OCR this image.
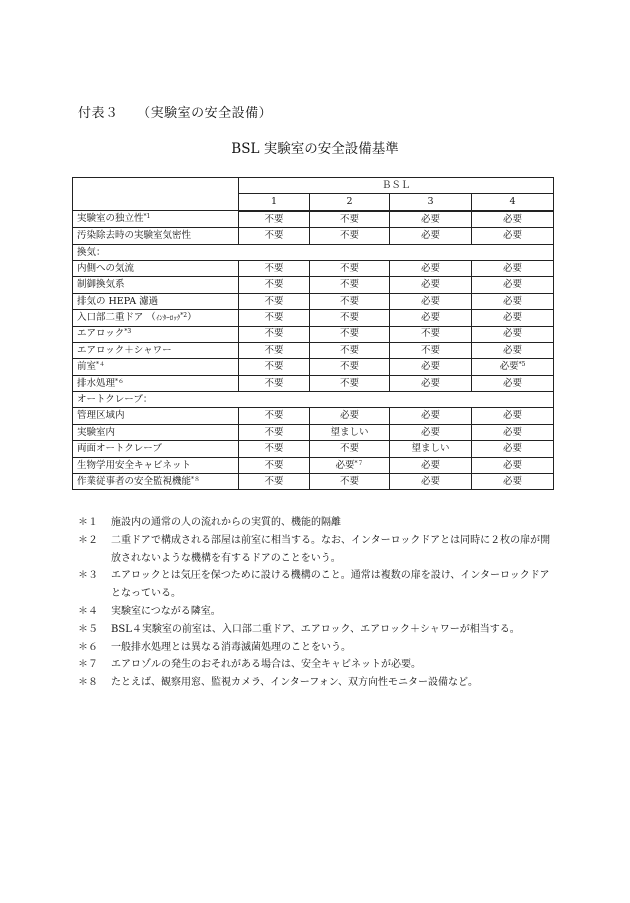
付表３ （実験室の安全設備）
BSL 実験室の安全設備基準
	ＢＳＬ			
	1	2	3	4
実験室の独立性$^{*1}$	不要	不要	必要	必要
汚染除去時の実験室気密性	不要	不要	必要	必要
換気：				
内側への気流	不要	不要	必要	必要
制御換気系	不要	不要	必要	必要
排気の HEPA 濾過	不要	不要	必要	必要
入口部二重ドア （ｲﾝﾀｰﾛｯｸ$^{*2}$）	不要	不要	必要	必要
エアロック$^{*3}$	不要	不要	不要	必要
エアロック＋シャワー	不要	不要	不要	必要
前室$^{*4}$	不要	不要	必要	必要$^{*5}$
排水処理$^{*6}$	不要	不要	必要	必要
オートクレーブ：				
管理区域内	不要	必要	必要	必要
実験室内	不要	望ましい	必要	必要
両面オートクレーブ	不要	不要	望ましい	必要
生物学用安全キャビネット	不要	必要$^{*7}$	必要	必要
作業従事者の安全監視機能$^{*8}$	不要	不要	必要	必要
＊１	施設内の通常の人の流れからの実質的、機能的隔離
＊２	二重ドアで構成される部屋は前室に相当する。なお、インターロックドアとは同時に２枚の扉が開放されないような機構を有するドアのことをいう。
＊３	エアロックとは気圧を保つために設ける機構のこと。通常は複数の扉を設け、インターロックドアとなっている。
＊４	実験室につながる隣室。
＊５	BSL４実験室の前室は、入口部二重ドア、エアロック、エアロック＋シャワーが相当する。
＊６	一般排水処理とは異なる消毒滅菌処理のことをいう。
＊７	エアロゾルの発生のおそれがある場合は、安全キャビネットが必要。
＊８	たとえば、観察用窓、監視カメラ、インターフォン、双方向性モニター設備など。
